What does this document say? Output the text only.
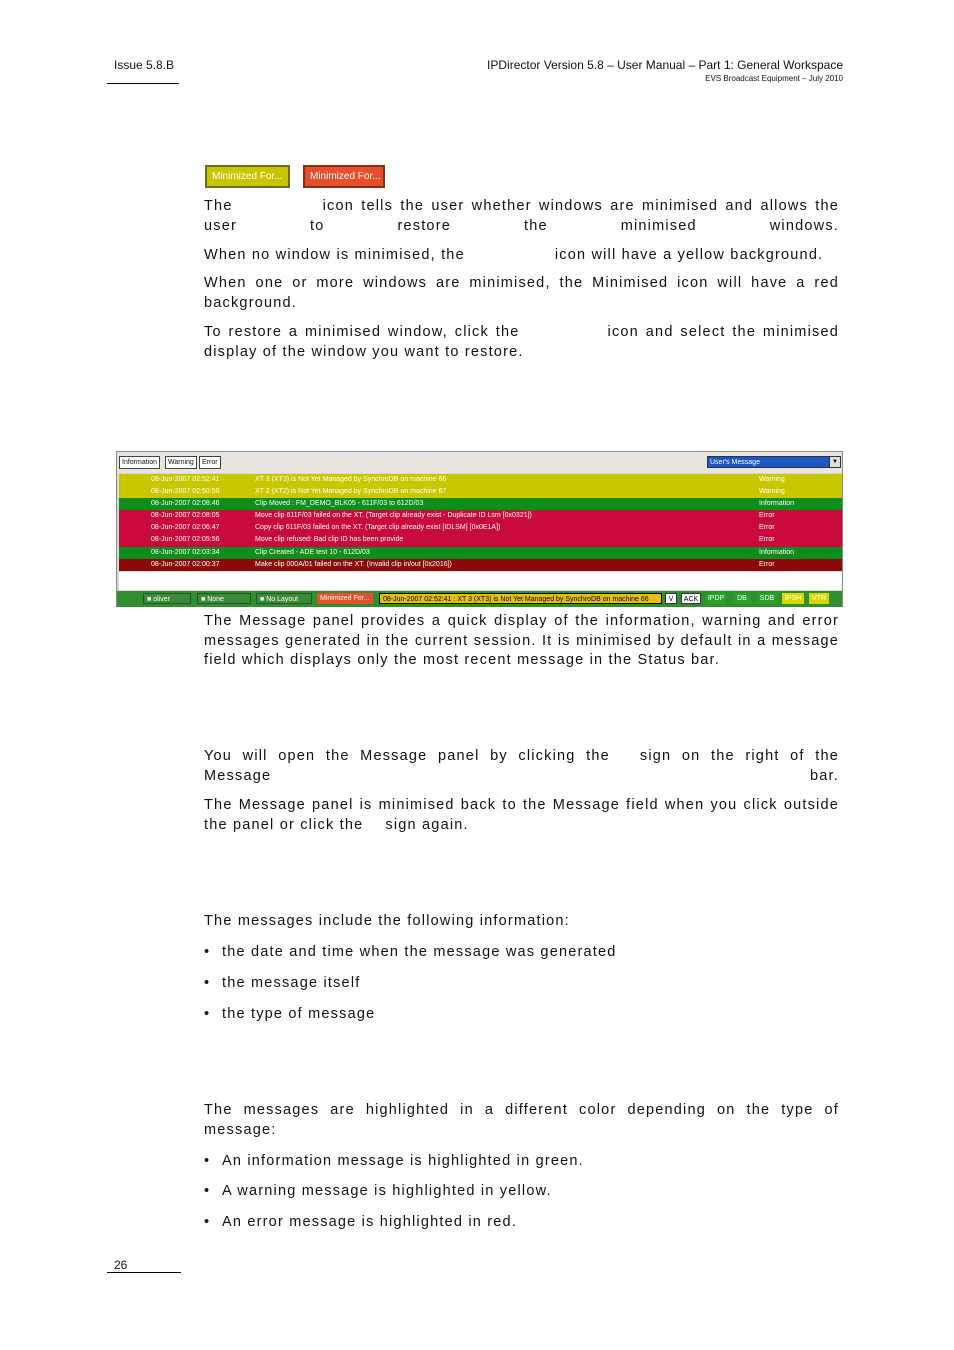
Issue 5.8.B	IPDirector Version 5.8 – User Manual – Part 1: General Workspace
EVS Broadcast Equipment – July 2010
Minimized For...	Minimized For...
The	icon tells the user whether windows are minimised and allows the user to restore the minimised windows.
When no window is minimised, the	icon will have a yellow background.
When one or more windows are minimised, the Minimised icon will have a red background.
To restore a minimised window, click the	icon and select the minimised display of the window you want to restore.
Information	Warning	Error	User's Message	▼
08-Jun-2007 02:52:41	XT 3 (XT3) is Not Yet Managed by SynchroDB on machine 66	Warning
08-Jun-2007 02:50:50	XT 2 (XT2) is Not Yet Managed by SynchroDB on machine 67	Warning
08-Jun-2007 02:08:46	Clip Moved : FM_DEMO_BLK05 - 611F/03 to 612D/03	Information
08-Jun-2007 02:08:05	Move clip 611F/03 failed on the XT. (Target clip already exist - Duplicate ID Lsm [0x0321])	Error
08-Jun-2007 02:06:47	Copy clip 611F/03 failed on the XT. (Target clip already exist [IDLSM] [0x0E1A])	Error
08-Jun-2007 02:05:56	Move clip refused: Bad clip ID has been provide	Error
08-Jun-2007 02:03:34	Clip Created - ADE test 10 - 612D/03	Information
08-Jun-2007 02:00:37	Make clip 000A/01 failed on the XT. (Invalid clip in/out [0x2016])	Error
■ oliver	■ None	■ No Layout	Minimized For...	08-Jun-2007 02:52:41 : XT 3 (XT3) is Not Yet Managed by SynchroDB on machine 66	V	ACK	IPDP	DB	SDB	IPSH	VTR
The Message panel provides a quick display of the information, warning and error messages generated in the current session. It is minimised by default in a message field which displays only the most recent message in the Status bar.
You will open the Message panel by clicking the sign on the right of the Message bar.
The Message panel is minimised back to the Message field when you click outside the panel or click the sign again.
The messages include the following information:
• the date and time when the message was generated
• the message itself
• the type of message
The messages are highlighted in a different color depending on the type of message:
• An information message is highlighted in green.
• A warning message is highlighted in yellow.
• An error message is highlighted in red.
26
